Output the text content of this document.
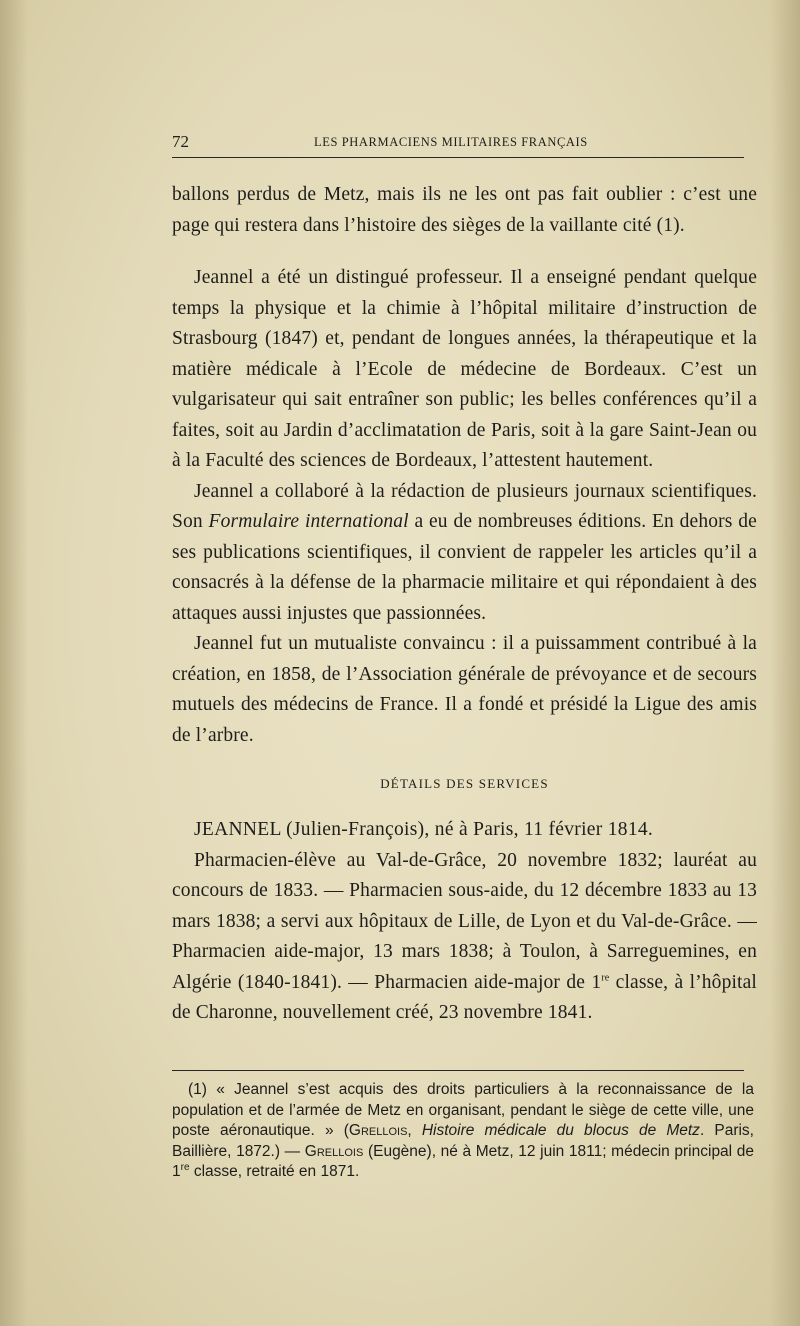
72	LES PHARMACIENS MILITAIRES FRANÇAIS

ballons perdus de Metz, mais ils ne les ont pas fait oublier : c’est une page qui restera dans l’histoire des sièges de la vaillante cité (1).

Jeannel a été un distingué professeur. Il a enseigné pendant quelque temps la physique et la chimie à l’hôpital militaire d’instruction de Strasbourg (1847) et, pendant de longues années, la thérapeutique et la matière médicale à l’Ecole de médecine de Bordeaux. C’est un vulgarisateur qui sait entraîner son public; les belles conférences qu’il a faites, soit au Jardin d’acclimatation de Paris, soit à la gare Saint-Jean ou à la Faculté des sciences de Bordeaux, l’attestent hautement.

Jeannel a collaboré à la rédaction de plusieurs journaux scientifiques. Son Formulaire international a eu de nombreuses éditions. En dehors de ses publications scientifiques, il convient de rappeler les articles qu’il a consacrés à la défense de la pharmacie militaire et qui répondaient à des attaques aussi injustes que passionnées.

Jeannel fut un mutualiste convaincu : il a puissamment contribué à la création, en 1858, de l’Association générale de prévoyance et de secours mutuels des médecins de France. Il a fondé et présidé la Ligue des amis de l’arbre.

DÉTAILS DES SERVICES

JEANNEL (Julien-François), né à Paris, 11 février 1814.

Pharmacien-élève au Val-de-Grâce, 20 novembre 1832; lauréat au concours de 1833. — Pharmacien sous-aide, du 12 décembre 1833 au 13 mars 1838; a servi aux hôpitaux de Lille, de Lyon et du Val-de-Grâce. — Pharmacien aide-major, 13 mars 1838; à Toulon, à Sarreguemines, en Algérie (1840-1841). — Pharmacien aide-major de 1re classe, à l’hôpital de Charonne, nouvellement créé, 23 novembre 1841.

(1) « Jeannel s’est acquis des droits particuliers à la reconnaissance de la population et de l’armée de Metz en organisant, pendant le siège de cette ville, une poste aéronautique. » (Grellois, Histoire médicale du blocus de Metz. Paris, Baillière, 1872.) — Grellois (Eugène), né à Metz, 12 juin 1811; médecin principal de 1re classe, retraité en 1871.
